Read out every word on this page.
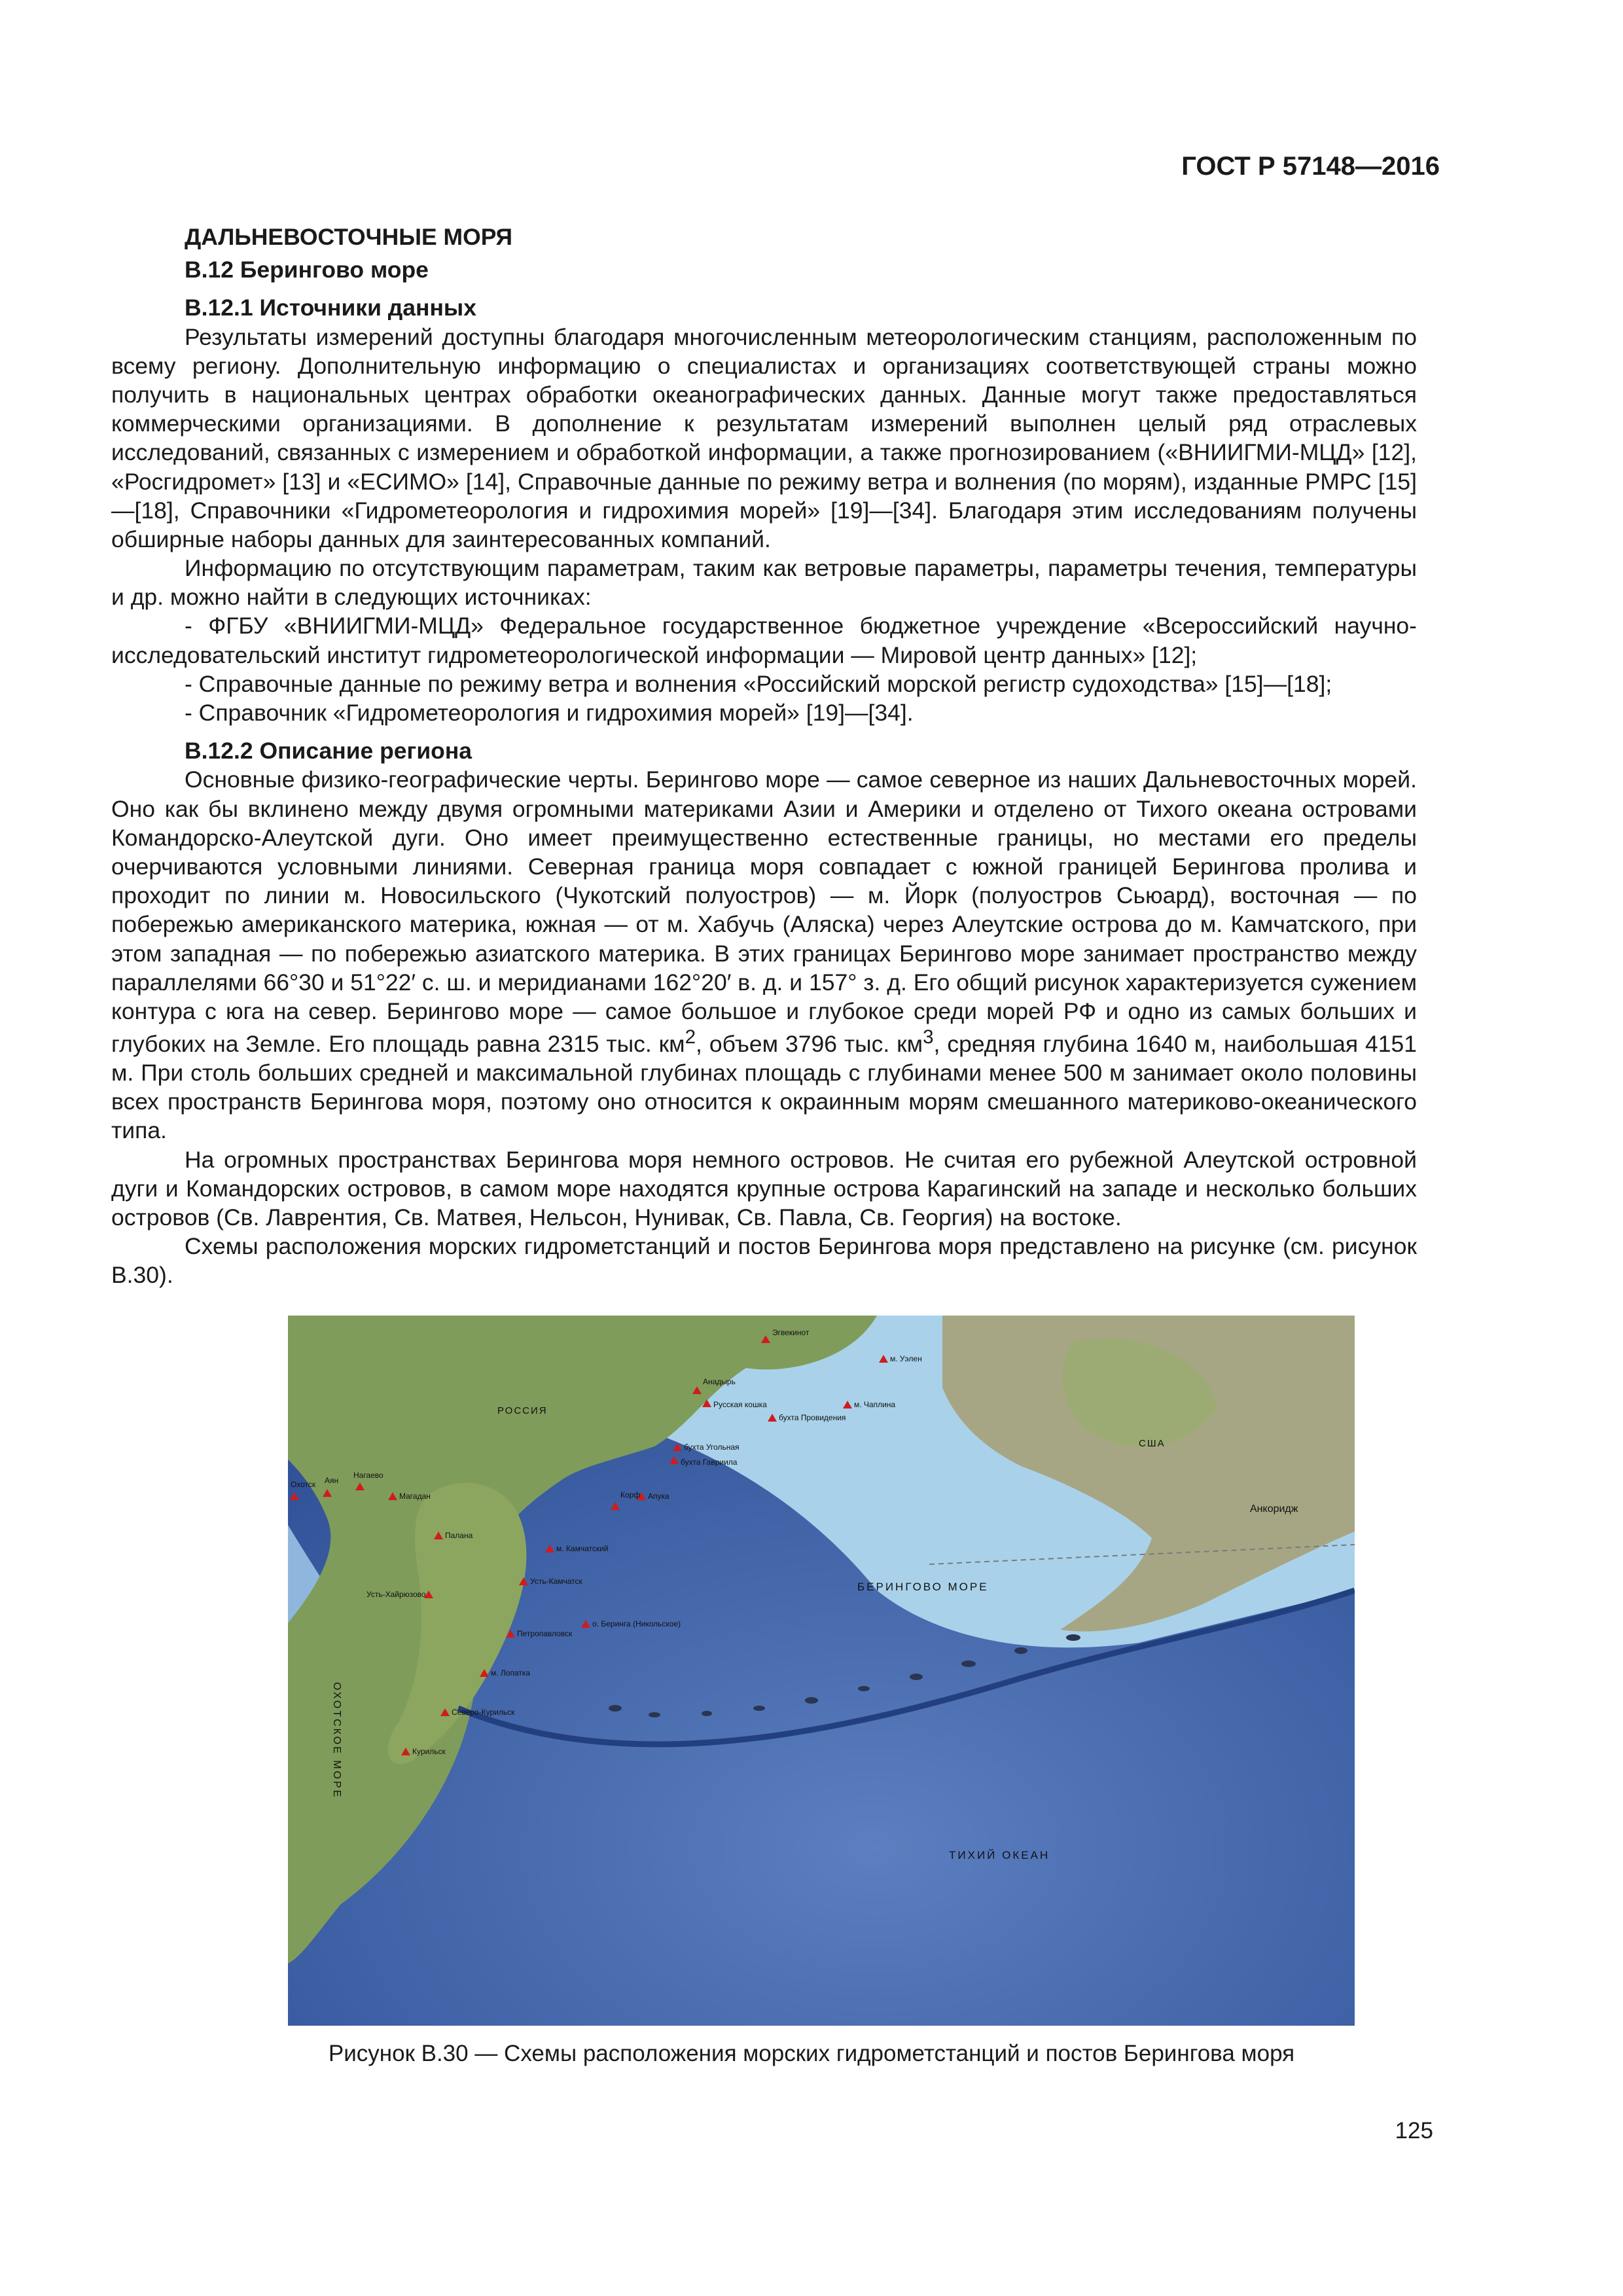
ГОСТ Р 57148—2016
ДАЛЬНЕВОСТОЧНЫЕ МОРЯ
В.12 Берингово море
В.12.1 Источники данных

Результаты измерений доступны благодаря многочисленным метеорологическим станциям, расположенным по всему региону. Дополнительную информацию о специалистах и организациях соответствующей страны можно получить в национальных центрах обработки океанографических данных. Данные могут также предоставляться коммерческими организациями. В дополнение к результатам измерений выполнен целый ряд отраслевых исследований, связанных с измерением и обработкой информации, а также прогнозированием («ВНИИГМИ-МЦД» [12], «Росгидромет» [13] и «ЕСИМО» [14], Справочные данные по режиму ветра и волнения (по морям), изданные РМРС [15]—[18], Справочники «Гидрометеорология и гидрохимия морей» [19]—[34]. Благодаря этим исследованиям получены обширные наборы данных для заинтересованных компаний.

Информацию по отсутствующим параметрам, таким как ветровые параметры, параметры течения, температуры и др. можно найти в следующих источниках:

- ФГБУ «ВНИИГМИ-МЦД» Федеральное государственное бюджетное учреждение «Всероссийский научно-исследовательский институт гидрометеорологической информации — Мировой центр данных» [12];

- Справочные данные по режиму ветра и волнения «Российский морской регистр судоходства» [15]—[18];

- Справочник «Гидрометеорология и гидрохимия морей» [19]—[34].

В.12.2 Описание региона

Основные физико-географические черты. Берингово море — самое северное из наших Дальневосточных морей. Оно как бы вклинено между двумя огромными материками Азии и Америки и отделено от Тихого океана островами Командорско-Алеутской дуги. Оно имеет преимущественно естественные границы, но местами его пределы очерчиваются условными линиями. Северная граница моря совпадает с южной границей Берингова пролива и проходит по линии м. Новосильского (Чукотский полуостров) — м. Йорк (полуостров Сьюард), восточная — по побережью американского материка, южная — от м. Хабучь (Аляска) через Алеутские острова до м. Камчатского, при этом западная — по побережью азиатского материка. В этих границах Берингово море занимает пространство между параллелями 66°30 и 51°22′ с. ш. и меридианами 162°20′ в. д. и 157° з. д. Его общий рисунок характеризуется сужением контура с юга на север. Берингово море — самое большое и глубокое среди морей РФ и одно из самых больших и глубоких на Земле. Его площадь равна 2315 тыс. $км^2$, объем 3796 тыс. $км^3$, средняя глубина 1640 м, наибольшая 4151 м. При столь больших средней и максимальной глубинах площадь с глубинами менее 500 м занимает около половины всех пространств Берингова моря, поэтому оно относится к окраинным морям смешанного материково-океанического типа.

На огромных пространствах Берингова моря немного островов. Не считая его рубежной Алеутской островной дуги и Командорских островов, в самом море находятся крупные острова Карагинский на западе и несколько больших островов (Св. Лаврентия, Св. Матвея, Нельсон, Нунивак, Св. Павла, Св. Георгия) на востоке.

Схемы расположения морских гидрометстанций и постов Берингова моря представлено на рисунке (см. рисунок В.30).

БЕРИНГОВО МОРЕ
ТИХИЙ ОКЕАН
ОХОТСКОЕ МОРЕ
РОССИЯ
США
Анкоридж
Анадырь
Русская кошка
бухта Провидения
м. Чаплина
м. Уэлен
Эгвекинот
бухта Угольная
бухта Гавриила
Апука
Корф
м. Камчатский
Усть-Камчатск
Петропавловск
м. Лопатка
Северо-Курильск
Курильск
Охотск Аян
Нагаево
Магадан
Палана
Усть-Хайрюзово
о. Беринга (Никольское)
Рисунок В.30 — Схемы расположения морских гидрометстанций и постов Берингова моря
125
